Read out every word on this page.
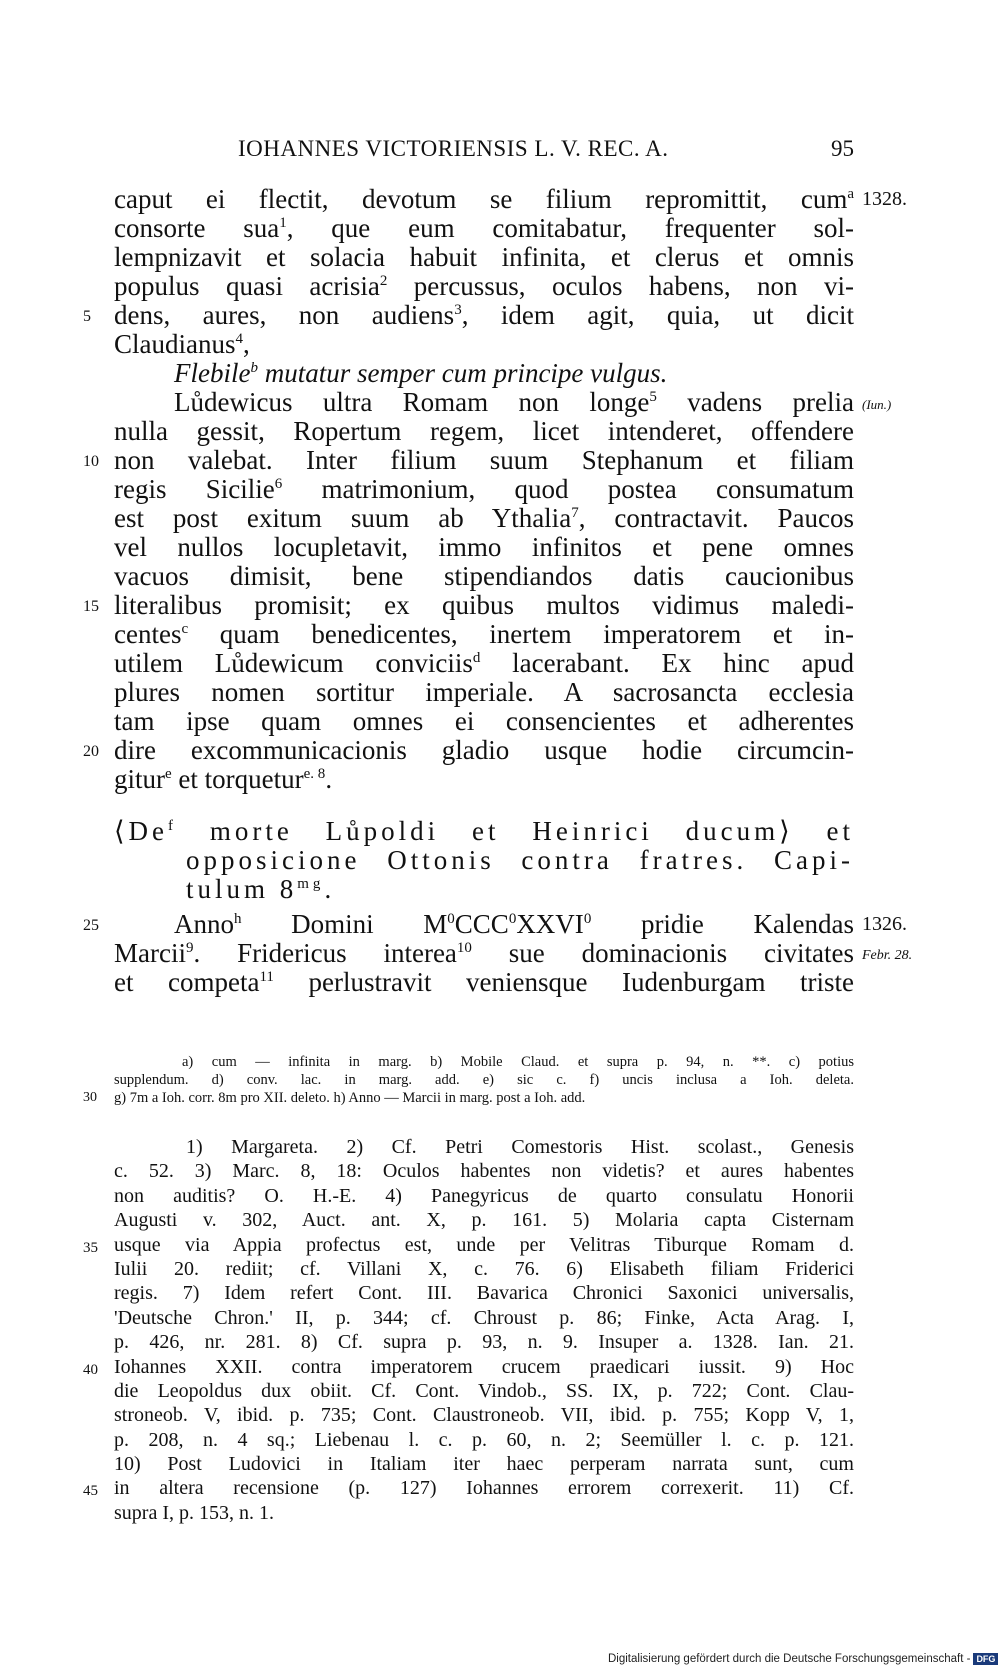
IOHANNES VICTORIENSIS L. V. REC. A.	95
caput ei flectit, devotum se filium repromittit, cum$^a$ 1328.
consorte sua$^1$, que eum comitabatur, frequenter sol-
lempnizavit et solacia habuit infinita, et clerus et omnis
populus quasi acrisia$^2$ percussus, oculos habens, non vi-
5 dens, aures, non audiens$^3$, idem agit, quia, ut dicit
Claudianus$^4$,
Flebile$^b$ mutatur semper cum principe vulgus.
Lůdewicus ultra Romam non longe$^5$ vadens prelia (Iun.)
nulla gessit, Ropertum regem, licet intenderet, offendere
10 non valebat. Inter filium suum Stephanum et filiam
regis Sicilie$^6$ matrimonium, quod postea consumatum
est post exitum suum ab Ythalia$^7$, contractavit. Paucos
vel nullos locupletavit, immo infinitos et pene omnes
vacuos dimisit, bene stipendiandos datis caucionibus
15 literalibus promisit; ex quibus multos vidimus maledi-
centes$^c$ quam benedicentes, inertem imperatorem et in-
utilem Lůdewicum conviciis$^d$ lacerabant. Ex hinc apud
plures nomen sortitur imperiale. A sacrosancta ecclesia
tam ipse quam omnes ei consencientes et adherentes
20 dire excommunicacionis gladio usque hodie circumcin-
gitur$^e$ et torquetur$^{e. 8}$.
⟨De$^f$ morte Lůpoldi et Heinrici ducum⟩ et
opposicione Ottonis contra fratres. Capi-
tulum $8^{mg}$.
25	Anno$^h$ Domini $M^0CCC^0XXVI^0$ pridie Kalendas 1326.
Marcii$^9$. Fridericus interea$^{10}$ sue dominacionis civitates Febr. 28.
et competa$^{11}$ perlustravit veniensque Iudenburgam triste
a) cum — infinita in marg. b) Mobile Claud. et supra p. 94, n. **. c) potius
supplendum. d) conv. lac. in marg. add. e) sic c. f) uncis inclusa a Ioh. deleta.
30 g) 7m a Ioh. corr. 8m pro XII. deleto. h) Anno — Marcii in marg. post a Ioh. add.
1) Margareta. 2) Cf. Petri Comestoris Hist. scolast., Genesis
c. 52. 3) Marc. 8, 18: Oculos habentes non videtis? et aures habentes
non auditis? O. H.-E. 4) Panegyricus de quarto consulatu Honorii
Augusti v. 302, Auct. ant. X, p. 161. 5) Molaria capta Cisternam
35 usque via Appia profectus est, unde per Velitras Tiburque Romam d.
Iulii 20. rediit; cf. Villani X, c. 76. 6) Elisabeth filiam Friderici
regis. 7) Idem refert Cont. III. Bavarica Chronici Saxonici universalis,
'Deutsche Chron.' II, p. 344; cf. Chroust p. 86; Finke, Acta Arag. I,
p. 426, nr. 281. 8) Cf. supra p. 93, n. 9. Insuper a. 1328. Ian. 21.
40 Iohannes XXII. contra imperatorem crucem praedicari iussit. 9) Hoc
die Leopoldus dux obiit. Cf. Cont. Vindob., SS. IX, p. 722; Cont. Clau-
stroneob. V, ibid. p. 735; Cont. Claustroneob. VII, ibid. p. 755; Kopp V, 1,
p. 208, n. 4 sq.; Liebenau l. c. p. 60, n. 2; Seemüller l. c. p. 121.
10) Post Ludovici in Italiam iter haec perperam narrata sunt, cum
45 in altera recensione (p. 127) Iohannes errorem correxerit. 11) Cf.
supra I, p. 153, n. 1.
Digitalisierung gefördert durch die Deutsche Forschungsgemeinschaft - DFG
